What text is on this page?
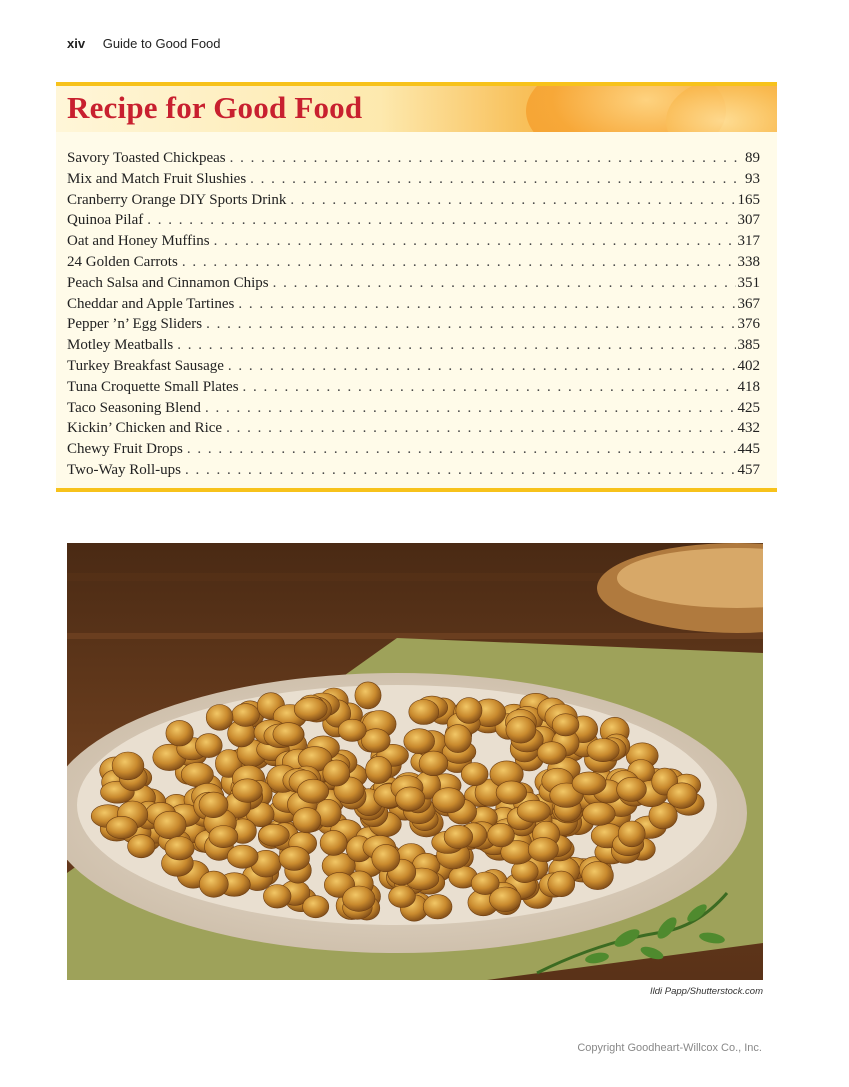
xiv Guide to Good Food
Recipe for Good Food
Savory Toasted Chickpeas . . .	89
Mix and Match Fruit Slushies . . .	93
Cranberry Orange DIY Sports Drink . . .	165
Quinoa Pilaf . . .	307
Oat and Honey Muffins . . .	317
24 Golden Carrots . . .	338
Peach Salsa and Cinnamon Chips . . .	351
Cheddar and Apple Tartines . . .	367
Pepper ’n’ Egg Sliders . . .	376
Motley Meatballs . . .	385
Turkey Breakfast Sausage . . .	402
Tuna Croquette Small Plates . . .	418
Taco Seasoning Blend . . .	425
Kickin’ Chicken and Rice . . .	432
Chewy Fruit Drops . . .	445
Two-Way Roll-ups . . .	457
Ildi Papp/Shutterstock.com
Copyright Goodheart-Willcox Co., Inc.
